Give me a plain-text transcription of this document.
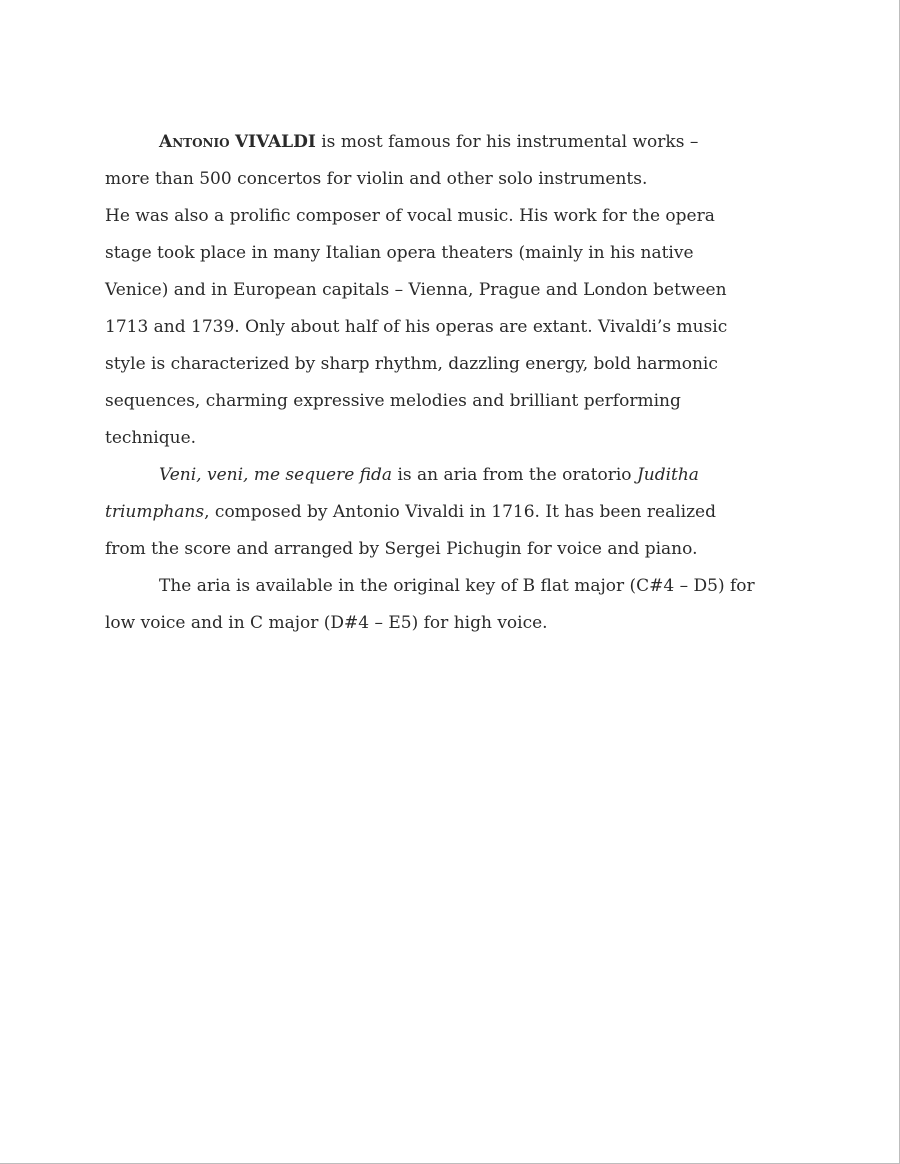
Antonio VIVALDI is most famous for his instrumental works –
more than 500 concertos for violin and other solo instruments.
He was also a prolific composer of vocal music. His work for the opera
stage took place in many Italian opera theaters (mainly in his native
Venice) and in European capitals – Vienna, Prague and London between
1713 and 1739. Only about half of his operas are extant. Vivaldi’s music
style is characterized by sharp rhythm, dazzling energy, bold harmonic
sequences, charming expressive melodies and brilliant performing
technique.
Veni, veni, me sequere fida is an aria from the oratorio Juditha
triumphans, composed by Antonio Vivaldi in 1716. It has been realized
from the score and arranged by Sergei Pichugin for voice and piano.
The aria is available in the original key of B flat major (C#4 – D5) for
low voice and in C major (D#4 – E5) for high voice.
